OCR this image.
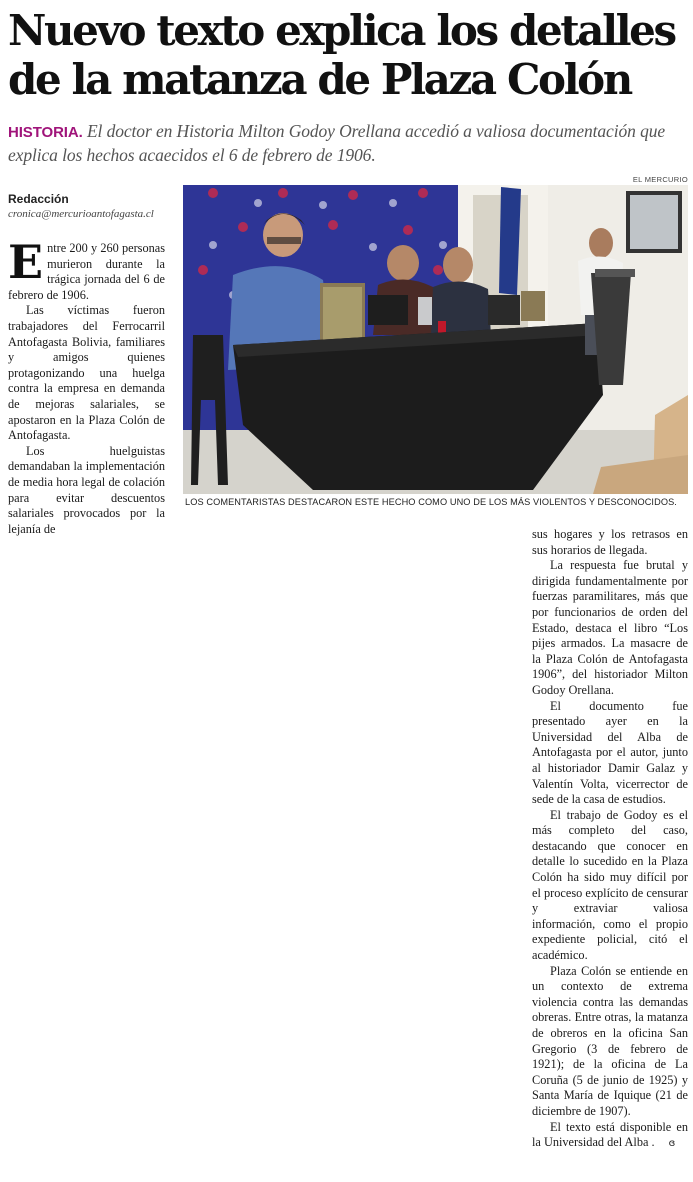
Nuevo texto explica los detalles
de la matanza de Plaza Colón
HISTORIA. El doctor en Historia Milton Godoy Orellana accedió a valiosa documentación que explica los hechos acaecidos el 6 de febrero de 1906.
EL MERCURIO
Redacción
cronica@mercurioantofagasta.cl

Entre 200 y 260 personas murieron durante la trágica jornada del 6 de febrero de 1906.

Las víctimas fueron trabajadores del Ferrocarril Antofagasta Bolivia, familiares y amigos quienes protagonizando una huelga contra la empresa en demanda de mejoras salariales, se apostaron en la Plaza Colón de Antofagasta.

Los huelguistas demandaban la implementación de media hora legal de colación para evitar descuentos salariales provocados por la lejanía de

LOS COMENTARISTAS DESTACARON ESTE HECHO COMO UNO DE LOS MÁS VIOLENTOS Y DESCONOCIDOS.

sus hogares y los retrasos en sus horarios de llegada.

La respuesta fue brutal y dirigida fundamentalmente por fuerzas paramilitares, más que por funcionarios de orden del Estado, destaca el libro “Los pijes armados. La masacre de la Plaza Colón de Antofagasta 1906”, del historiador Milton Godoy Orellana.

El documento fue presentado ayer en la Universidad del Alba de Antofagasta por el autor, junto al historiador Damir Galaz y Valentín Volta, vicerrector de sede de la casa de estudios.

El trabajo de Godoy es el más completo del caso, destacando que conocer en detalle lo sucedido en la Plaza Colón ha sido muy difícil por el proceso explícito de censurar y extraviar valiosa información, como el propio expediente policial, citó el académico.

Plaza Colón se entiende en un contexto de extrema violencia contra las demandas obreras. Entre otras, la matanza de obreros en la oficina San Gregorio (3 de febrero de 1921); de la oficina de La Coruña (5 de junio de 1925) y Santa María de Iquique (21 de diciembre de 1907).

El texto está disponible en la Universidad del Alba . ɞ
